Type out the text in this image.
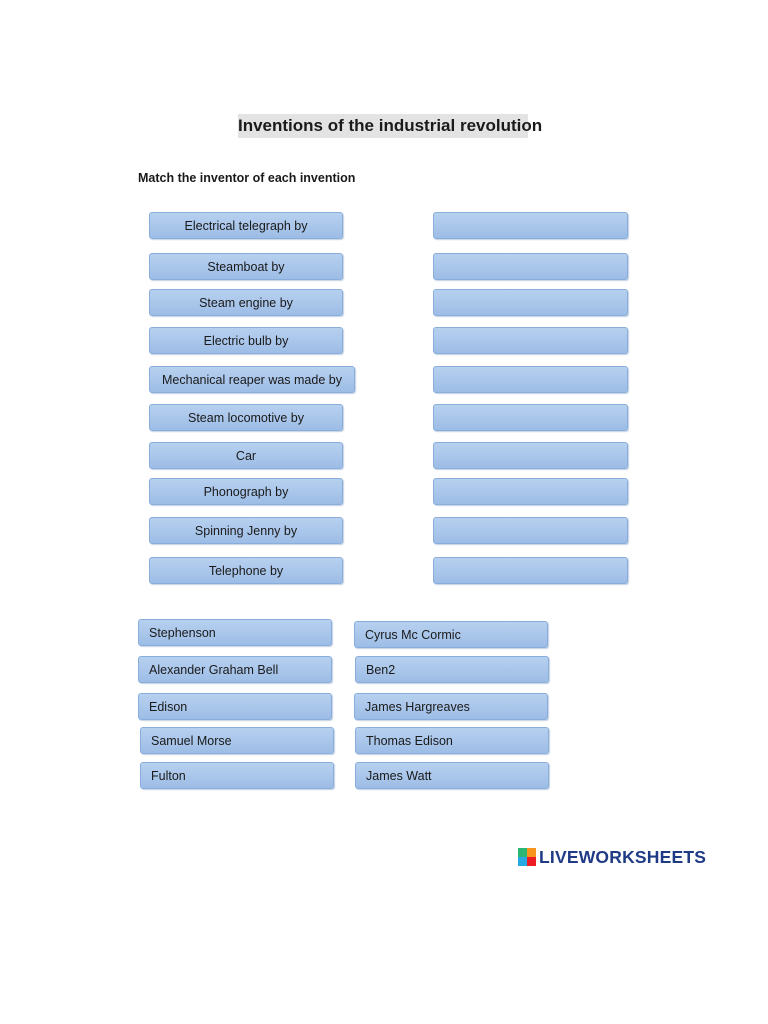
Inventions of the industrial revolution
Match the inventor of each invention
Electrical telegraph by
Steamboat by
Steam engine by
Electric bulb by
Mechanical reaper was made by
Steam locomotive by
Car
Phonograph by
Spinning Jenny by
Telephone by
Stephenson
Alexander Graham Bell
Edison
Samuel Morse
Fulton
Cyrus Mc Cormic
Ben2
James Hargreaves
Thomas Edison
James Watt
LIVEWORKSHEETS
